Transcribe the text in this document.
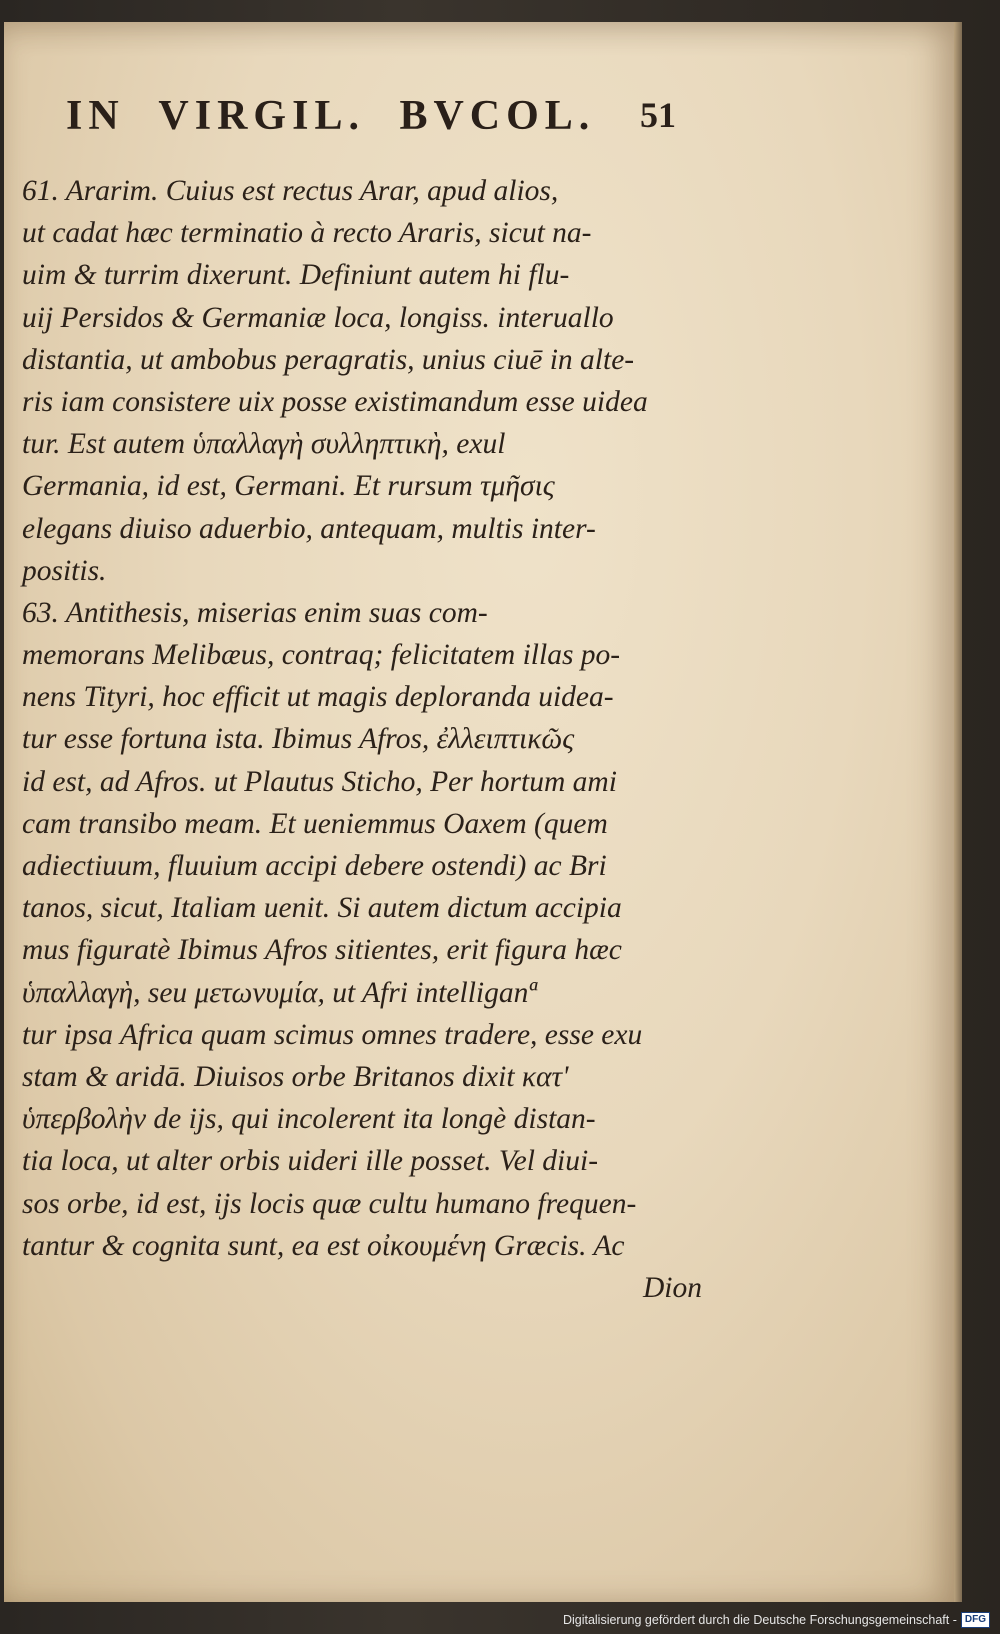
IN VIRGIL. BVCOL. 51
61. Ararim. Cuius est rectus Arar, apud alios,
ut cadat hæc terminatio à recto Araris, sicut na-
uim & turrim dixerunt. Definiunt autem hi flu-
uij Persidos & Germaniæ loca, longiss. interuallo
distantia, ut ambobus peragratis, unius ciuē in alte-
ris iam consistere uix posse existimandum esse uidea
tur. Est autem ὑπαλλαγὴ συλληπτικὴ, exul
Germania, id est, Germani. Et rursum τμῆσις
elegans diuiso aduerbio, antequam, multis inter-
positis.
63. Antithesis, miserias enim suas com-
memorans Melibæus, contraq; felicitatem illas po-
nens Tityri, hoc efficit ut magis deploranda uidea-
tur esse fortuna ista. Ibimus Afros, ἐλλειπτικῶς
id est, ad Afros. ut Plautus Sticho, Per hortum ami
cam transibo meam. Et ueniemmus Oaxem (quem
adiectiuum, fluuium accipi debere ostendi) ac Bri
tanos, sicut, Italiam uenit. Si autem dictum accipia
mus figuratè Ibimus Afros sitientes, erit figura hæc
ὑπαλλαγὴ, seu μετωνυμία, ut Afri intelliganª
tur ipsa Africa quam scimus omnes tradere, esse exu
stam & aridā. Diuisos orbe Britanos dixit κατ'
ὑπερβολὴν de ijs, qui incolerent ita longè distan-
tia loca, ut alter orbis uideri ille posset. Vel diui-
sos orbe, id est, ijs locis quæ cultu humano frequen-
tantur & cognita sunt, ea est οἰκουμένη Græcis. Ac
Dion
Digitalisierung gefördert durch die Deutsche Forschungsgemeinschaft - DFG
